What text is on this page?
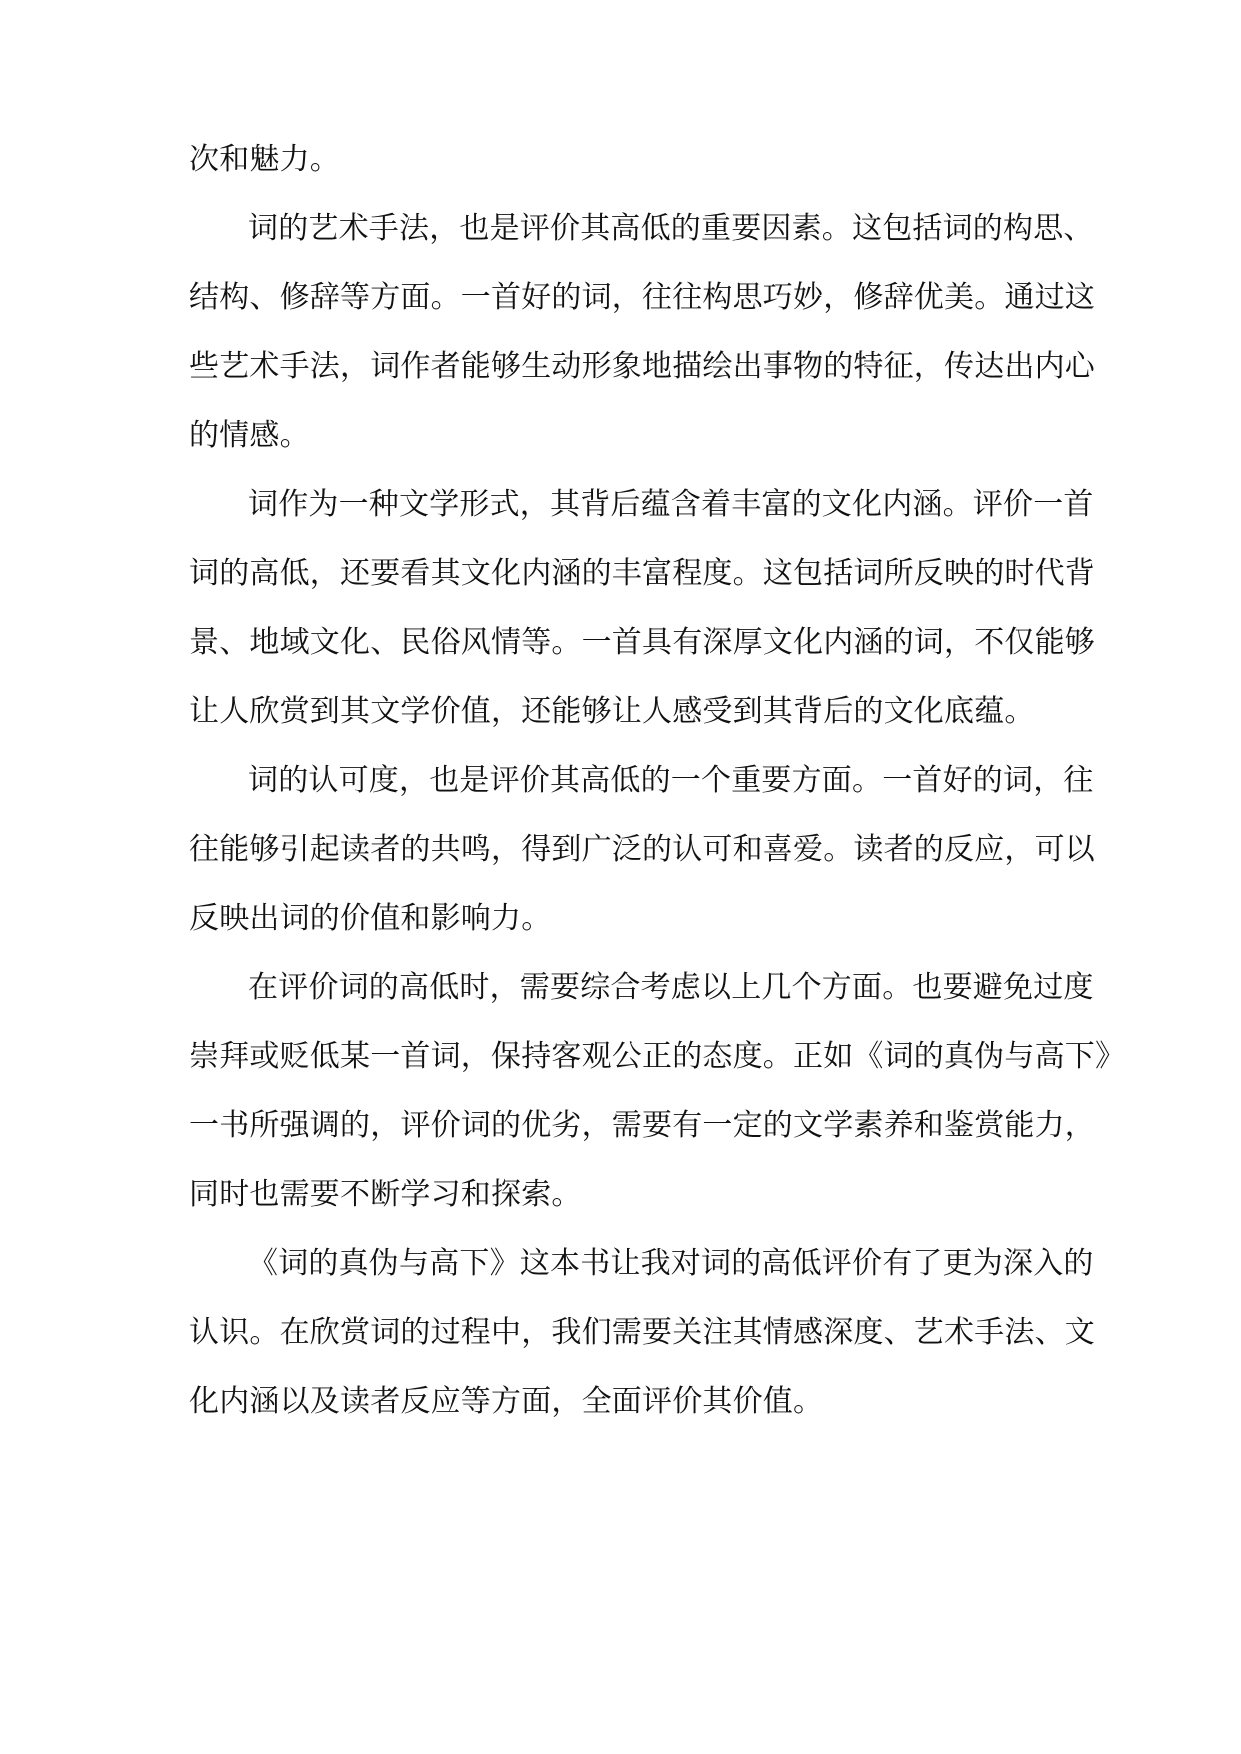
次和魅力。
词的艺术手法，也是评价其高低的重要因素。这包括词的构思、
结构、修辞等方面。一首好的词，往往构思巧妙，修辞优美。通过这
些艺术手法，词作者能够生动形象地描绘出事物的特征，传达出内心
的情感。
词作为一种文学形式，其背后蕴含着丰富的文化内涵。评价一首
词的高低，还要看其文化内涵的丰富程度。这包括词所反映的时代背
景、地域文化、民俗风情等。一首具有深厚文化内涵的词，不仅能够
让人欣赏到其文学价值，还能够让人感受到其背后的文化底蕴。
词的认可度，也是评价其高低的一个重要方面。一首好的词，往
往能够引起读者的共鸣，得到广泛的认可和喜爱。读者的反应，可以
反映出词的价值和影响力。
在评价词的高低时，需要综合考虑以上几个方面。也要避免过度
崇拜或贬低某一首词，保持客观公正的态度。正如《词的真伪与高下》
一书所强调的，评价词的优劣，需要有一定的文学素养和鉴赏能力，
同时也需要不断学习和探索。
《词的真伪与高下》这本书让我对词的高低评价有了更为深入的
认识。在欣赏词的过程中，我们需要关注其情感深度、艺术手法、文
化内涵以及读者反应等方面，全面评价其价值。
